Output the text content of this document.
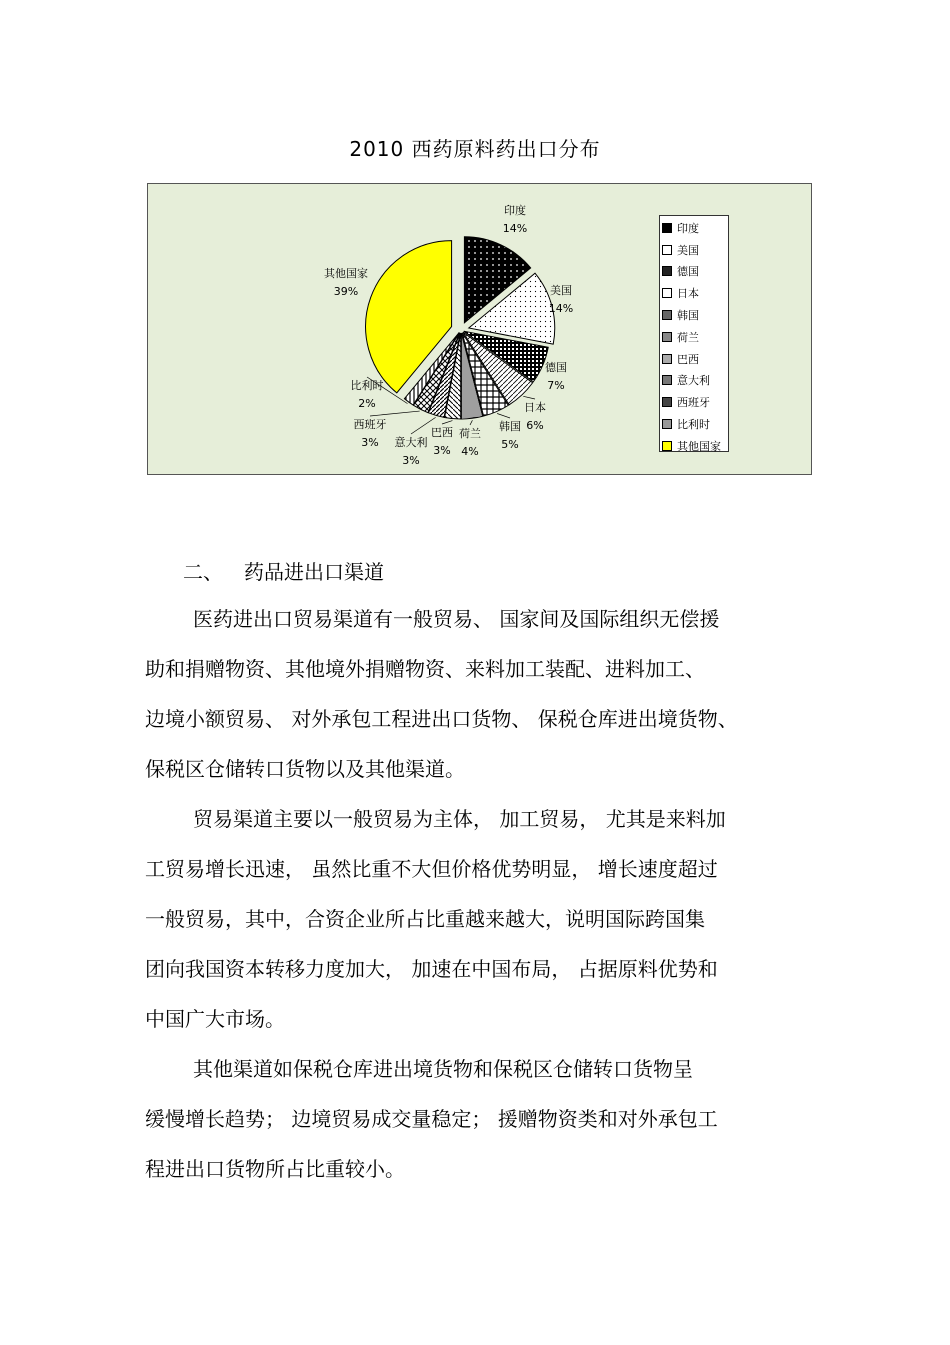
2010 西药原料药出口分布
印度
14%
美国
14%
德国
7%
日本
6%
韩国
5%
荷兰
4%
巴西
3%
意大利
3%
西班牙
3%
比利时
2%
其他国家
39%
印度
美国
德国
日本
韩国
荷兰
巴西
意大利
西班牙
比利时
其他国家
二、 药品进出口渠道
医药进出口贸易渠道有一般贸易、 国家间及国际组织无偿援
助和捐赠物资、其他境外捐赠物资、来料加工装配、进料加工、
边境小额贸易、 对外承包工程进出口货物、 保税仓库进出境货物、
保税区仓储转口货物以及其他渠道。
贸易渠道主要以一般贸易为主体， 加工贸易， 尤其是来料加
工贸易增长迅速， 虽然比重不大但价格优势明显， 增长速度超过
一般贸易，其中，合资企业所占比重越来越大，说明国际跨国集
团向我国资本转移力度加大， 加速在中国布局， 占据原料优势和
中国广大市场。
其他渠道如保税仓库进出境货物和保税区仓储转口货物呈
缓慢增长趋势； 边境贸易成交量稳定； 援赠物资类和对外承包工
程进出口货物所占比重较小。
